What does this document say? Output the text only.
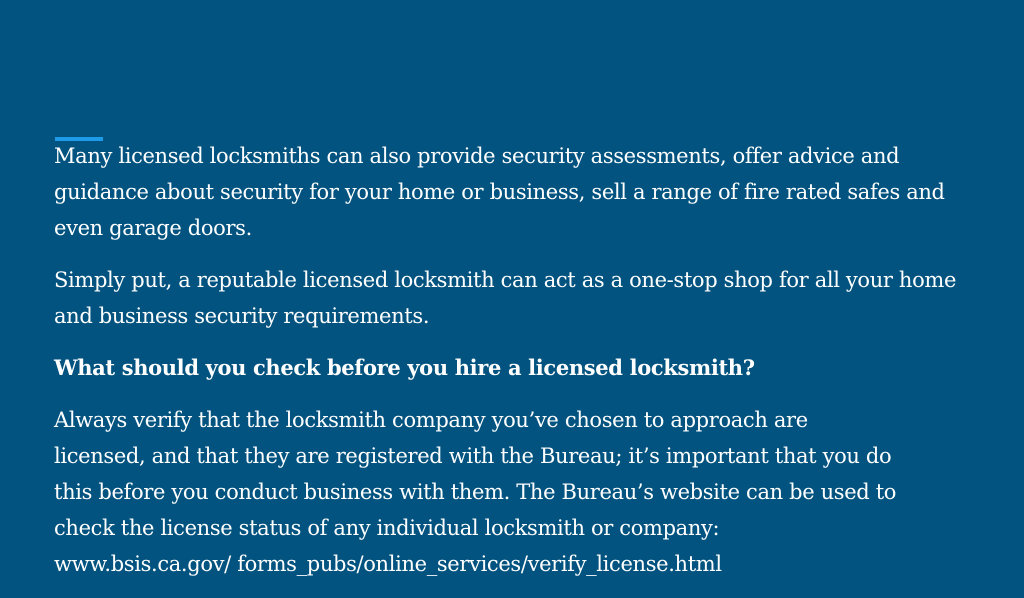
Many licensed locksmiths can also provide security assessments, offer advice and guidance about security for your home or business, sell a range of fire rated safes and even garage doors.

Simply put, a reputable licensed locksmith can act as a one-stop shop for all your home and business security requirements.

What should you check before you hire a licensed locksmith?

Always verify that the locksmith company you’ve chosen to approach are
licensed, and that they are registered with the Bureau; it’s important that you do
this before you conduct business with them. The Bureau’s website can be used to
check the license status of any individual locksmith or company:
www.bsis.ca.gov/ forms_pubs/online_services/verify_license.html
